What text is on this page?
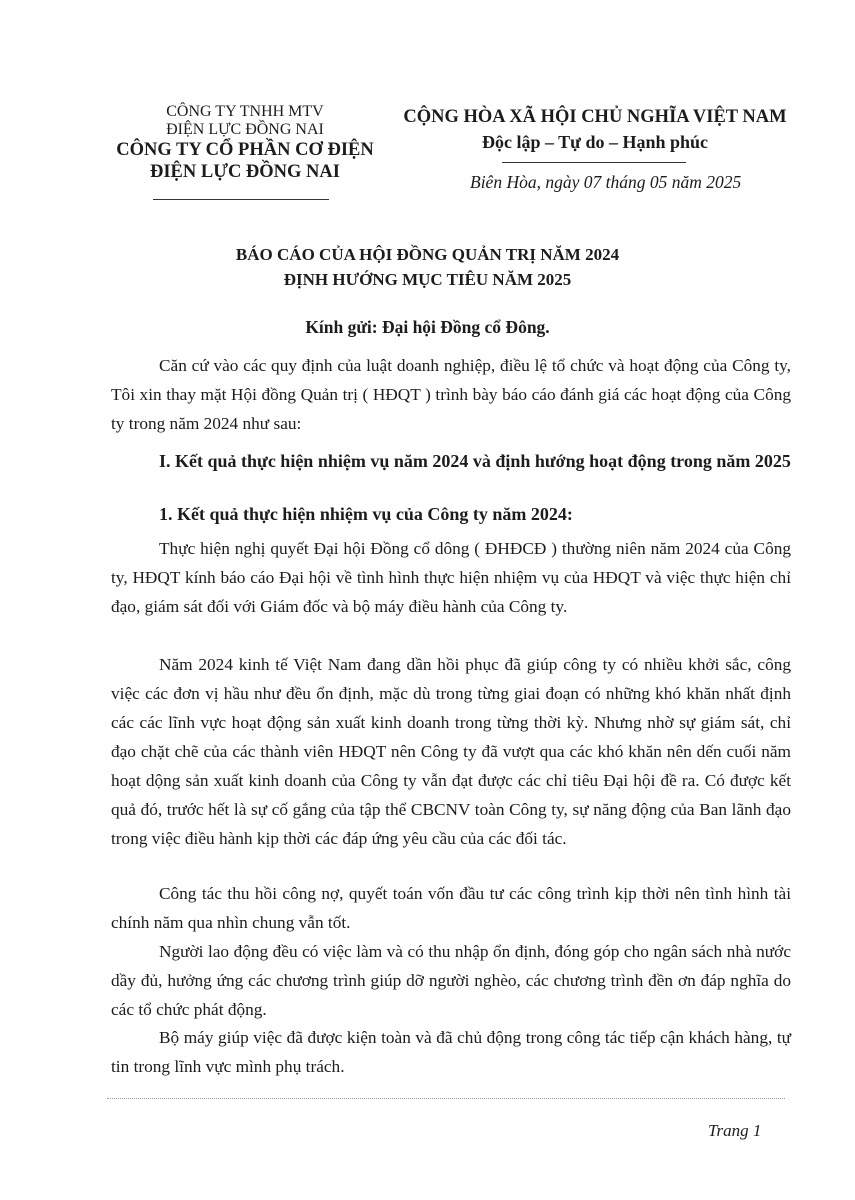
CÔNG TY TNHH MTV
ĐIỆN LỰC ĐỒNG NAI
CÔNG TY CỔ PHẦN CƠ ĐIỆN
ĐIỆN LỰC ĐỒNG NAI
CỘNG HÒA XÃ HỘI CHỦ NGHĨA VIỆT NAM
Độc lập – Tự do – Hạnh phúc
Biên Hòa, ngày 07 tháng 05 năm 2025
BÁO CÁO CỦA HỘI ĐỒNG QUẢN TRỊ NĂM 2024
ĐỊNH HƯỚNG MỤC TIÊU NĂM 2025
Kính gửi: Đại hội Đồng cổ Đông.
Căn cứ vào các quy định của luật doanh nghiệp, điều lệ tổ chức và hoạt động của Công ty, Tôi xin thay mặt Hội đồng Quản trị ( HĐQT ) trình bày báo cáo đánh giá các hoạt động của Công ty trong năm 2024 như sau:
I. Kết quả thực hiện nhiệm vụ năm 2024 và định hướng hoạt động trong năm 2025
1. Kết quả thực hiện nhiệm vụ của Công ty năm 2024:
Thực hiện nghị quyết Đại hội Đồng cổ dông ( ĐHĐCĐ ) thường niên năm 2024 của Công ty, HĐQT kính báo cáo Đại hội về tình hình thực hiện nhiệm vụ của HĐQT và việc thực hiện chỉ đạo, giám sát đối với Giám đốc và bộ máy điều hành của Công ty.
Năm 2024 kinh tế Việt Nam đang dần hồi phục đã giúp công ty có nhiều khởi sắc, công việc các đơn vị hầu như đều ổn định, mặc dù trong từng giai đoạn có những khó khăn nhất định các các lĩnh vực hoạt động sản xuất kinh doanh trong từng thời kỳ. Nhưng nhờ sự giám sát, chỉ đạo chặt chẽ của các thành viên HĐQT nên Công ty đã vượt qua các khó khăn nên dến cuối năm hoạt dộng sản xuất kinh doanh của Công ty vẫn đạt được các chỉ tiêu Đại hội đề ra. Có được kết quả đó, trước hết là sự cố gắng của tập thể CBCNV toàn Công ty, sự năng động của Ban lãnh đạo trong việc điều hành kịp thời các đáp ứng yêu cầu của các đối tác.
Công tác thu hồi công nợ, quyết toán vốn đầu tư các công trình kịp thời nên tình hình tài chính năm qua nhìn chung vẫn tốt.
Người lao động đều có việc làm và có thu nhập ổn định, đóng góp cho ngân sách nhà nước dầy đủ, hưởng ứng các chương trình giúp dỡ người nghèo, các chương trình đền ơn đáp nghĩa do các tổ chức phát động.
Bộ máy giúp việc đã được kiện toàn và đã chủ động trong công tác tiếp cận khách hàng, tự tin trong lĩnh vực mình phụ trách.
Trang 1
